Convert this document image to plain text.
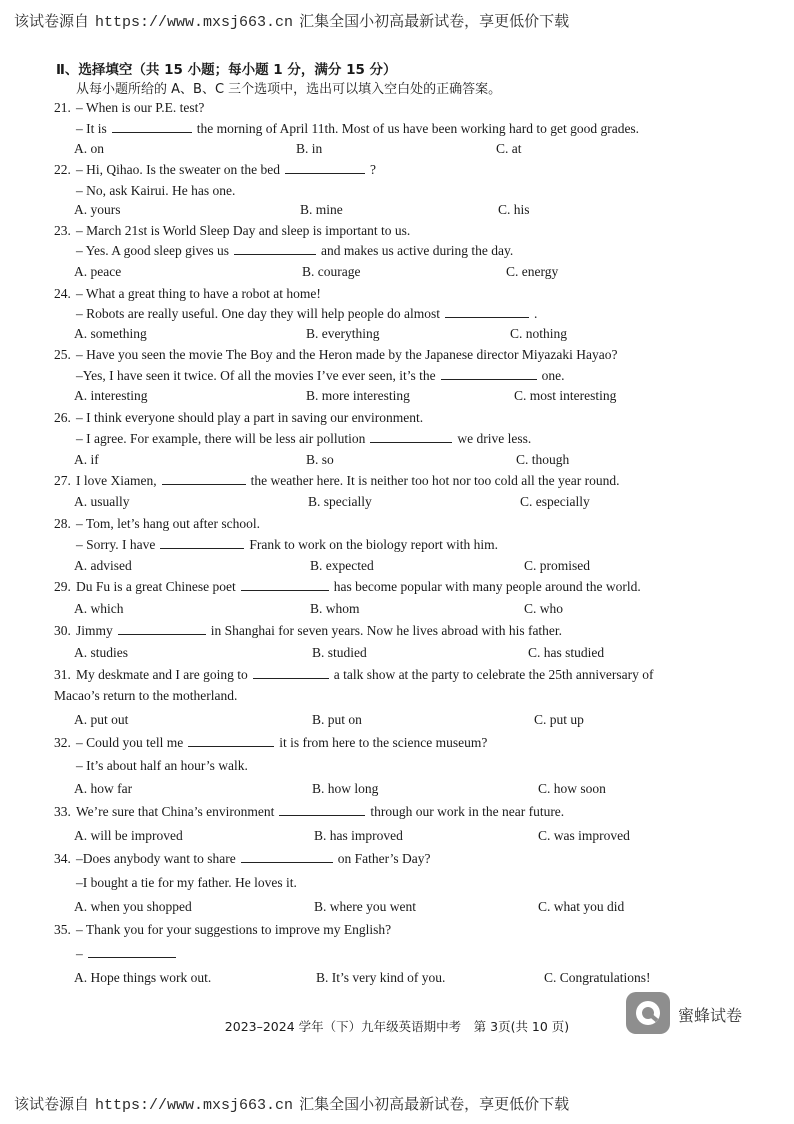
该试卷源自 https://www.mxsj663.cn 汇集全国小初高最新试卷，享更低价下载
Ⅱ、选择填空（共 15 小题；每小题 1 分，满分 15 分）
从每小题所给的 A、B、C 三个选项中，选出可以填入空白处的正确答案。
21. – When is our P.E. test?
– It is	the morning of April 11th. Most of us have been working hard to get good grades.
A. on	B. in	C. at
22. – Hi, Qihao. Is the sweater on the bed	?
– No, ask Kairui. He has one.
A. yours	B. mine	C. his
23. – March 21st is World Sleep Day and sleep is important to us.
– Yes. A good sleep gives us	and makes us active during the day.
A. peace	B. courage	C. energy
24. – What a great thing to have a robot at home!
– Robots are really useful. One day they will help people do almost	.
A. something	B. everything	C. nothing
25. – Have you seen the movie The Boy and the Heron made by the Japanese director Miyazaki Hayao?
–Yes, I have seen it twice. Of all the movies I’ve ever seen, it’s the	one.
A. interesting	B. more interesting	C. most interesting
26. – I think everyone should play a part in saving our environment.
– I agree. For example, there will be less air pollution	we drive less.
A. if	B. so	C. though
27. I love Xiamen,	the weather here. It is neither too hot nor too cold all the year round.
A. usually	B. specially	C. especially
28. – Tom, let’s hang out after school.
– Sorry. I have	Frank to work on the biology report with him.
A. advised	B. expected	C. promised
29. Du Fu is a great Chinese poet	has become popular with many people around the world.
A. which	B. whom	C. who
30. Jimmy	in Shanghai for seven years. Now he lives abroad with his father.
A. studies	B. studied	C. has studied
31. My deskmate and I are going to	a talk show at the party to celebrate the 25th anniversary of
Macao’s return to the motherland.
A. put out	B. put on	C. put up
32. – Could you tell me	it is from here to the science museum?
– It’s about half an hour’s walk.
A. how far	B. how long	C. how soon
33. We’re sure that China’s environment	through our work in the near future.
A. will be improved	B. has improved	C. was improved
34. –Does anybody want to share	on Father’s Day?
–I bought a tie for my father. He loves it.
A. when you shopped	B. where you went	C. what you did
35. – Thank you for your suggestions to improve my English?
–
A. Hope things work out.	B. It’s very kind of you.	C. Congratulations!
2023–2024 学年（下）九年级英语期中考　第 3页(共 10 页)
蜜蜂试卷
该试卷源自 https://www.mxsj663.cn 汇集全国小初高最新试卷，享更低价下载
